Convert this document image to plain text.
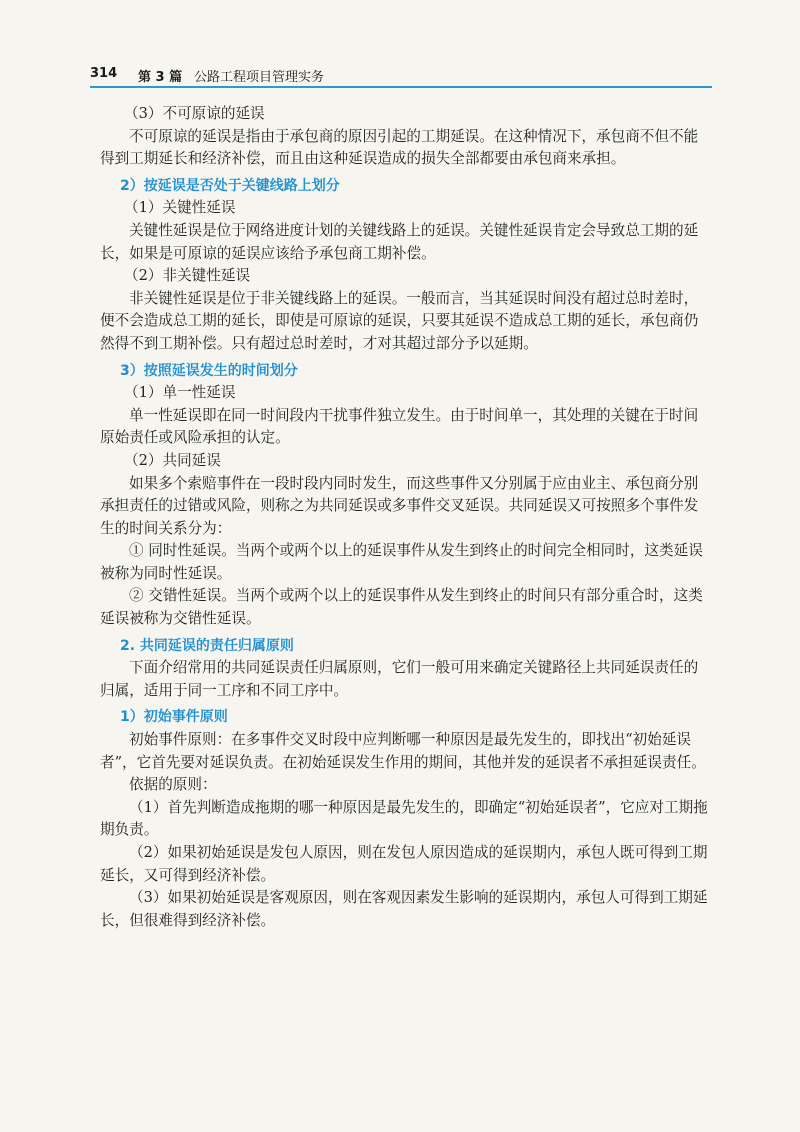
314 第 3 篇 公路工程项目管理实务

（3）不可原谅的延误

不可原谅的延误是指由于承包商的原因引起的工期延误。在这种情况下，承包商不但不能得到工期延长和经济补偿，而且由这种延误造成的损失全部都要由承包商来承担。

2）按延误是否处于关键线路上划分

（1）关键性延误

关键性延误是位于网络进度计划的关键线路上的延误。关键性延误肯定会导致总工期的延长，如果是可原谅的延误应该给予承包商工期补偿。

（2）非关键性延误

非关键性延误是位于非关键线路上的延误。一般而言，当其延误时间没有超过总时差时，便不会造成总工期的延长，即使是可原谅的延误，只要其延误不造成总工期的延长，承包商仍然得不到工期补偿。只有超过总时差时，才对其超过部分予以延期。

3）按照延误发生的时间划分

（1）单一性延误

单一性延误即在同一时间段内干扰事件独立发生。由于时间单一，其处理的关键在于时间原始责任或风险承担的认定。

（2）共同延误

如果多个索赔事件在一段时段内同时发生，而这些事件又分别属于应由业主、承包商分别承担责任的过错或风险，则称之为共同延误或多事件交叉延误。共同延误又可按照多个事件发生的时间关系分为：

① 同时性延误。当两个或两个以上的延误事件从发生到终止的时间完全相同时，这类延误被称为同时性延误。

② 交错性延误。当两个或两个以上的延误事件从发生到终止的时间只有部分重合时，这类延误被称为交错性延误。

2. 共同延误的责任归属原则

下面介绍常用的共同延误责任归属原则，它们一般可用来确定关键路径上共同延误责任的归属，适用于同一工序和不同工序中。

1）初始事件原则

初始事件原则：在多事件交叉时段中应判断哪一种原因是最先发生的，即找出“初始延误者”，它首先要对延误负责。在初始延误发生作用的期间，其他并发的延误者不承担延误责任。

依据的原则：

（1）首先判断造成拖期的哪一种原因是最先发生的，即确定“初始延误者”，它应对工期拖期负责。

（2）如果初始延误是发包人原因，则在发包人原因造成的延误期内，承包人既可得到工期延长，又可得到经济补偿。

（3）如果初始延误是客观原因，则在客观因素发生影响的延误期内，承包人可得到工期延长，但很难得到经济补偿。
